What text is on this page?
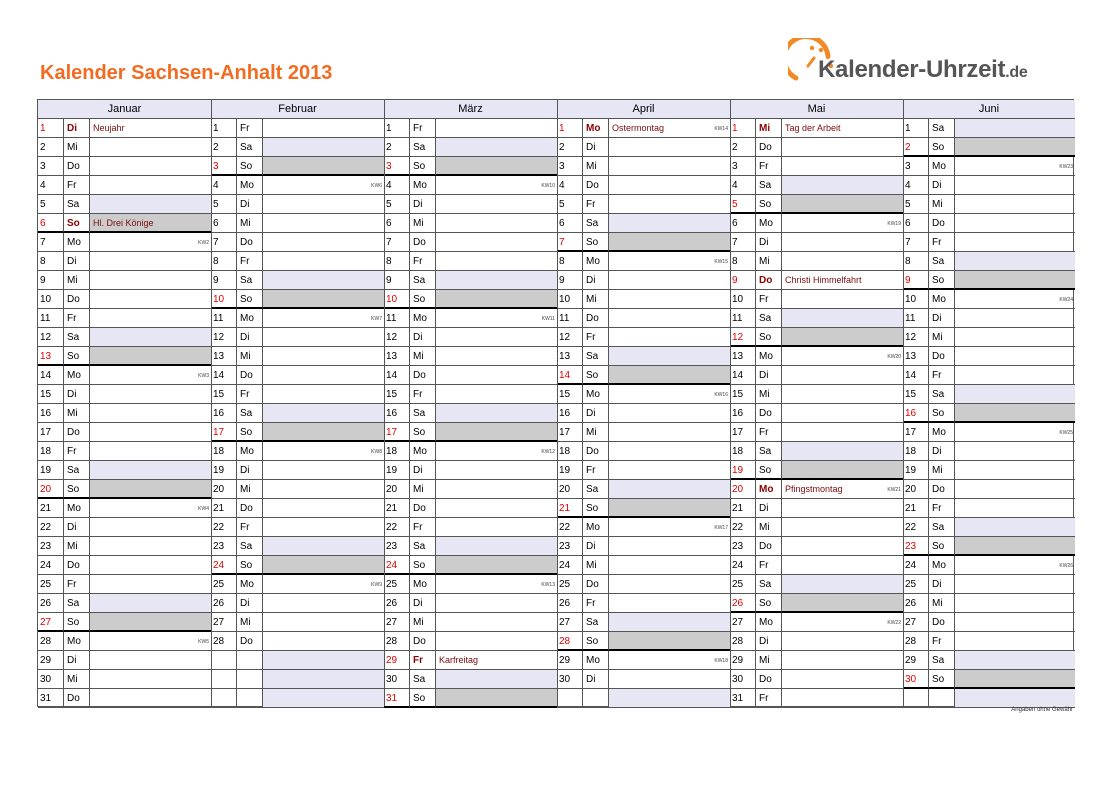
Kalender Sachsen-Anhalt 2013	Kalender-Uhrzeit.de
Januar
1	Di	Neujahr
2	Mi
3	Do
4	Fr
5	Sa
6	So	Hl. Drei Könige
7	Mo	KW2
8	Di
9	Mi
10	Do
11	Fr
12	Sa
13	So
14	Mo	KW3
15	Di
16	Mi
17	Do
18	Fr
19	Sa
20	So
21	Mo	KW4
22	Di
23	Mi
24	Do
25	Fr
26	Sa
27	So
28	Mo	KW5
29	Di
30	Mi
31	Do
Februar
1	Fr
2	Sa
3	So
4	Mo	KW6
5	Di
6	Mi
7	Do
8	Fr
9	Sa
10	So
11	Mo	KW7
12	Di
13	Mi
14	Do
15	Fr
16	Sa
17	So
18	Mo	KW8
19	Di
20	Mi
21	Do
22	Fr
23	Sa
24	So
25	Mo	KW9
26	Di
27	Mi
28	Do
März
1	Fr
2	Sa
3	So
4	Mo	KW10
5	Di
6	Mi
7	Do
8	Fr
9	Sa
10	So
11	Mo	KW11
12	Di
13	Mi
14	Do
15	Fr
16	Sa
17	So
18	Mo	KW12
19	Di
20	Mi
21	Do
22	Fr
23	Sa
24	So
25	Mo	KW13
26	Di
27	Mi
28	Do
29	Fr	Karfreitag
30	Sa
31	So
April
1	Mo	Ostermontag	KW14
2	Di
3	Mi
4	Do
5	Fr
6	Sa
7	So
8	Mo	KW15
9	Di
10	Mi
11	Do
12	Fr
13	Sa
14	So
15	Mo	KW16
16	Di
17	Mi
18	Do
19	Fr
20	Sa
21	So
22	Mo	KW17
23	Di
24	Mi
25	Do
26	Fr
27	Sa
28	So
29	Mo	KW18
30	Di
Mai
1	Mi	Tag der Arbeit
2	Do
3	Fr
4	Sa
5	So
6	Mo	KW19
7	Di
8	Mi
9	Do	Christi Himmelfahrt
10	Fr
11	Sa
12	So
13	Mo	KW20
14	Di
15	Mi
16	Do
17	Fr
18	Sa
19	So
20	Mo	Pfingstmontag	KW21
21	Di
22	Mi
23	Do
24	Fr
25	Sa
26	So
27	Mo	KW22
28	Di
29	Mi
30	Do
31	Fr
Juni
1	Sa
2	So
3	Mo	KW23
4	Di
5	Mi
6	Do
7	Fr
8	Sa
9	So
10	Mo	KW24
11	Di
12	Mi
13	Do
14	Fr
15	Sa
16	So
17	Mo	KW25
18	Di
19	Mi
20	Do
21	Fr
22	Sa
23	So
24	Mo	KW26
25	Di
26	Mi
27	Do
28	Fr
29	Sa
30	So
Angaben ohne Gewähr
